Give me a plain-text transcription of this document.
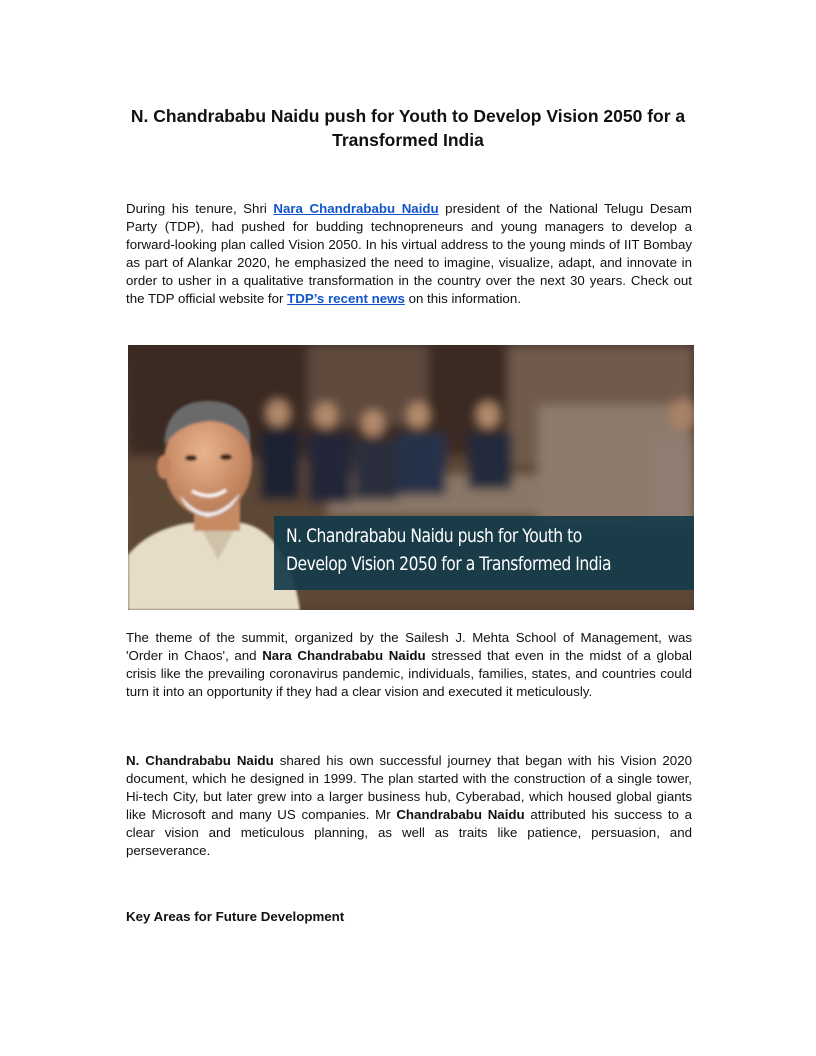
N. Chandrababu Naidu push for Youth to Develop Vision 2050 for a Transformed India

During his tenure, Shri Nara Chandrababu Naidu president of the National Telugu Desam Party (TDP), had pushed for budding technopreneurs and young managers to develop a forward-looking plan called Vision 2050. In his virtual address to the young minds of IIT Bombay as part of Alankar 2020, he emphasized the need to imagine, visualize, adapt, and innovate in order to usher in a qualitative transformation in the country over the next 30 years. Check out the TDP official website for TDP’s recent news on this information.

N. Chandrababu Naidu push for Youth to
Develop Vision 2050 for a Transformed India

The theme of the summit, organized by the Sailesh J. Mehta School of Management, was 'Order in Chaos', and Nara Chandrababu Naidu stressed that even in the midst of a global crisis like the prevailing coronavirus pandemic, individuals, families, states, and countries could turn it into an opportunity if they had a clear vision and executed it meticulously.

N. Chandrababu Naidu shared his own successful journey that began with his Vision 2020 document, which he designed in 1999. The plan started with the construction of a single tower, Hi-tech City, but later grew into a larger business hub, Cyberabad, which housed global giants like Microsoft and many US companies. Mr Chandrababu Naidu attributed his success to a clear vision and meticulous planning, as well as traits like patience, persuasion, and perseverance.

Key Areas for Future Development
